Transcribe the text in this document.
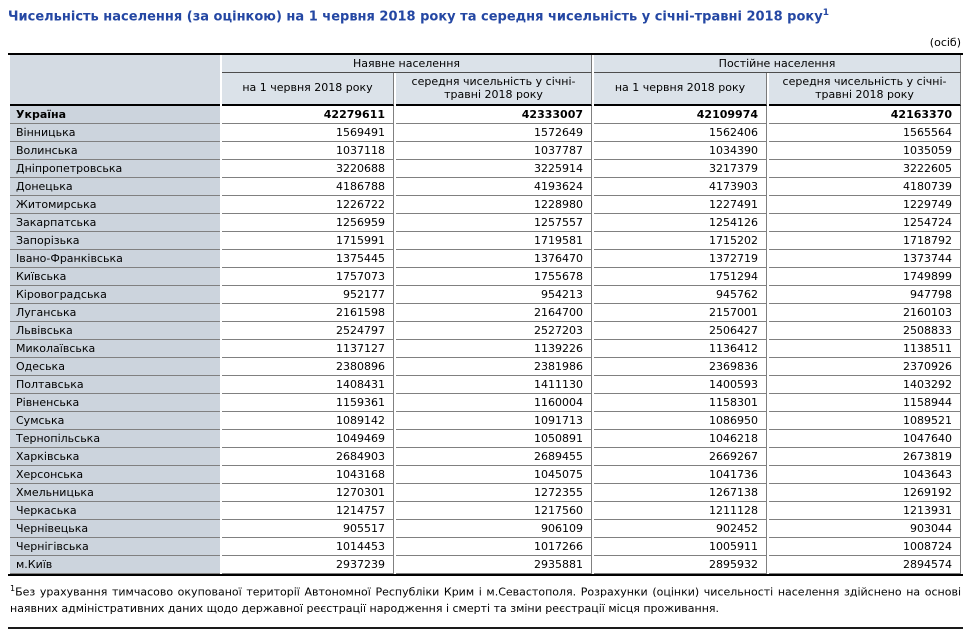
Чисельність населення (за оцінкою) на 1 червня 2018 року та середня чисельність у січні-травні 2018 року$^1$
(осіб)
	Наявне населення		Постійне населення	
	на 1 червня 2018 року	середня чисельність у січні-травні 2018 року	на 1 червня 2018 року	середня чисельність у січні-травні 2018 року
Україна	42279611	42333007	42109974	42163370
Вінницька	1569491	1572649	1562406	1565564
Волинська	1037118	1037787	1034390	1035059
Дніпропетровська	3220688	3225914	3217379	3222605
Донецька	4186788	4193624	4173903	4180739
Житомирська	1226722	1228980	1227491	1229749
Закарпатська	1256959	1257557	1254126	1254724
Запорізька	1715991	1719581	1715202	1718792
Івано-Франківська	1375445	1376470	1372719	1373744
Київська	1757073	1755678	1751294	1749899
Кіровоградська	952177	954213	945762	947798
Луганська	2161598	2164700	2157001	2160103
Львівська	2524797	2527203	2506427	2508833
Миколаївська	1137127	1139226	1136412	1138511
Одеська	2380896	2381986	2369836	2370926
Полтавська	1408431	1411130	1400593	1403292
Рівненська	1159361	1160004	1158301	1158944
Сумська	1089142	1091713	1086950	1089521
Тернопільська	1049469	1050891	1046218	1047640
Харківська	2684903	2689455	2669267	2673819
Херсонська	1043168	1045075	1041736	1043643
Хмельницька	1270301	1272355	1267138	1269192
Черкаська	1214757	1217560	1211128	1213931
Чернівецька	905517	906109	902452	903044
Чернігівська	1014453	1017266	1005911	1008724
м.Київ	2937239	2935881	2895932	2894574
$^1$Без урахування тимчасово окупованої території Автономної Республіки Крим і м.Севастополя. Розрахунки (оцінки) чисельності населення здійснено на основі наявних адміністративних даних щодо державної реєстрації народження і смерті та зміни реєстрації місця проживання.
